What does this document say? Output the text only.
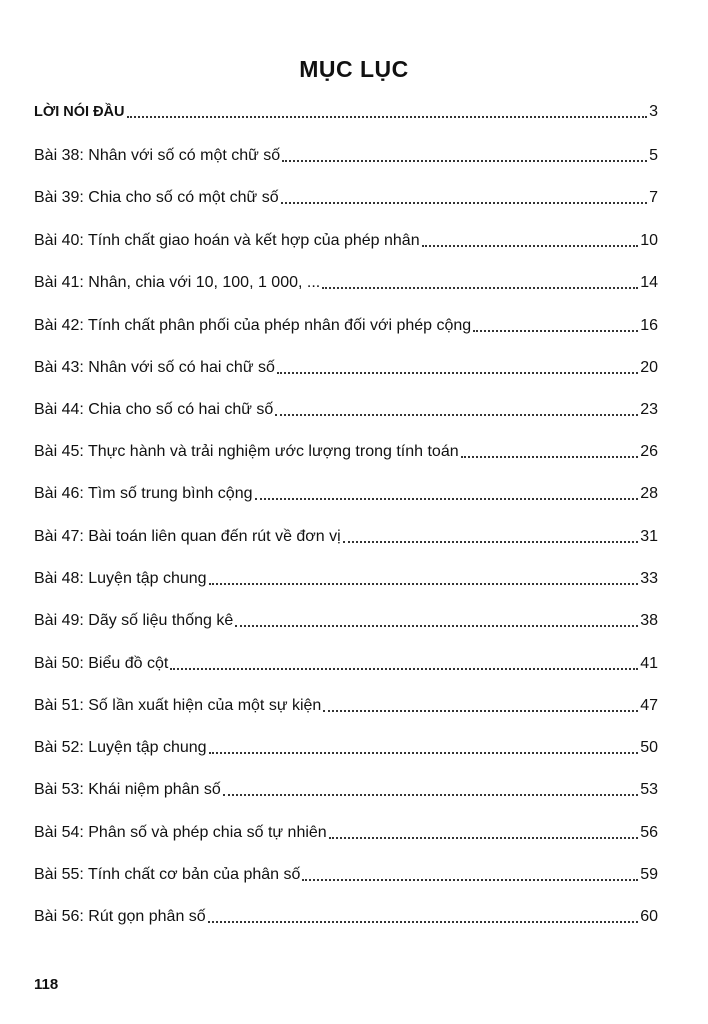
MỤC LỤC
LỜI NÓI ĐẦU	3
Bài 38: Nhân với số có một chữ số	5
Bài 39: Chia cho số có một chữ số	7
Bài 40: Tính chất giao hoán và kết hợp của phép nhân	10
Bài 41: Nhân, chia với 10, 100, 1 000, ...	14
Bài 42: Tính chất phân phối của phép nhân đối với phép cộng	16
Bài 43: Nhân với số có hai chữ số	20
Bài 44: Chia cho số có hai chữ số	23
Bài 45: Thực hành và trải nghiệm ước lượng trong tính toán	26
Bài 46: Tìm số trung bình cộng	28
Bài 47: Bài toán liên quan đến rút về đơn vị	31
Bài 48: Luyện tập chung	33
Bài 49: Dãy số liệu thống kê	38
Bài 50: Biểu đồ cột	41
Bài 51: Số lần xuất hiện của một sự kiện	47
Bài 52: Luyện tập chung	50
Bài 53: Khái niệm phân số	53
Bài 54: Phân số và phép chia số tự nhiên	56
Bài 55: Tính chất cơ bản của phân số	59
Bài 56: Rút gọn phân số	60
118
